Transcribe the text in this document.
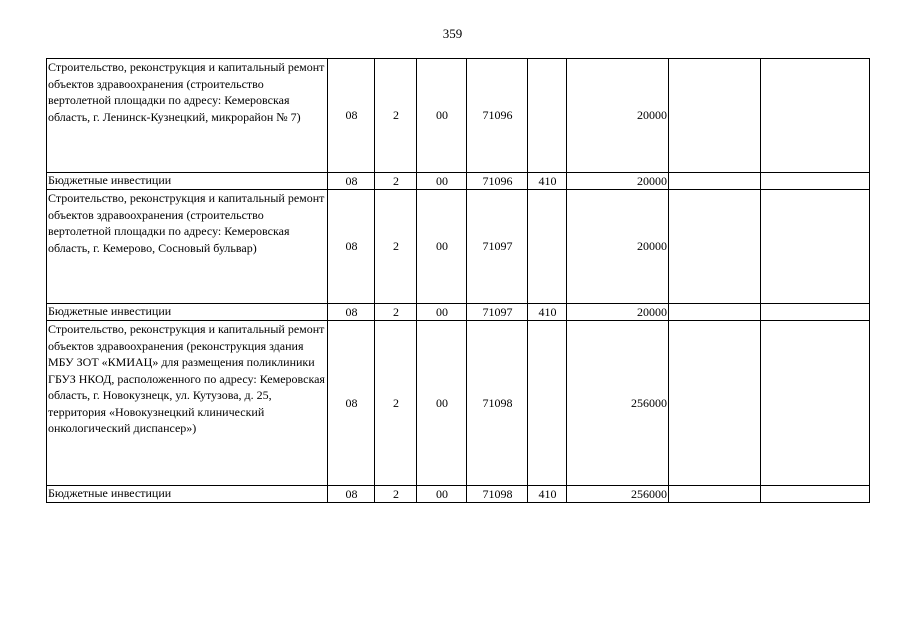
359
Строительство, реконструкция и капитальный ремонт объектов здравоохранения (строительство вертолетной площадки по адресу: Кемеровская область, г. Ленинск-Кузнецкий, микрорайон № 7)	08	2	00	71096		20000		
Бюджетные инвестиции	08	2	00	71096	410	20000		
Строительство, реконструкция и капитальный ремонт объектов здравоохранения (строительство вертолетной площадки по адресу: Кемеровская область, г. Кемерово, Сосновый бульвар)	08	2	00	71097		20000		
Бюджетные инвестиции	08	2	00	71097	410	20000		
Строительство, реконструкция и капитальный ремонт объектов здравоохранения (реконструкция здания МБУ ЗОТ «КМИАЦ» для размещения поликлиники ГБУЗ НКОД, расположенного по адресу: Кемеровская область, г. Новокузнецк, ул. Кутузова, д. 25, территория «Новокузнецкий клинический онкологический диспансер»)	08	2	00	71098		256000		
Бюджетные инвестиции	08	2	00	71098	410	256000		
